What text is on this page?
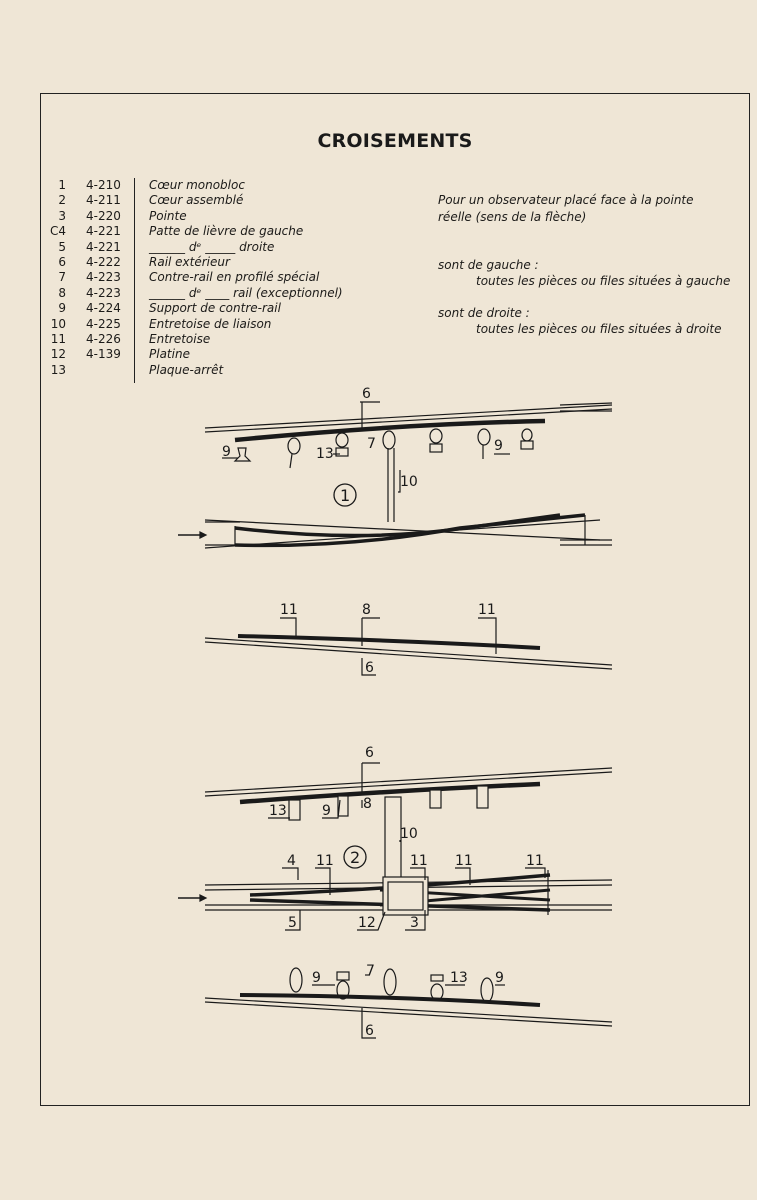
CROISEMENTS
1 4-210 Cœur monobloc
2 4-211 Cœur assemblé
3 4-220 Pointe
C4 4-221 Patte de lièvre de gauche
5 4-221 ______ dᵉ _____ droite
6 4-222 Rail extérieur
7 4-223 Contre-rail en profilé spécial
8 4-223 ______ dᵉ ____ rail (exceptionnel)
9 4-224 Support de contre-rail
10 4-225 Entretoise de liaison
11 4-226 Entretoise
12 4-139 Platine
13	Plaque-arrêt
Pour un observateur placé face à la pointe
réelle (sens de la flèche)
sont de gauche :
toutes les pièces ou files situées à gauche
sont de droite :
toutes les pièces ou files situées à droite
1
6
9	13
7	9
10
11	8	11
6
2
6
13	9 8
10
4 11	11 11	11
5	12 3
9	7	13 9
6
